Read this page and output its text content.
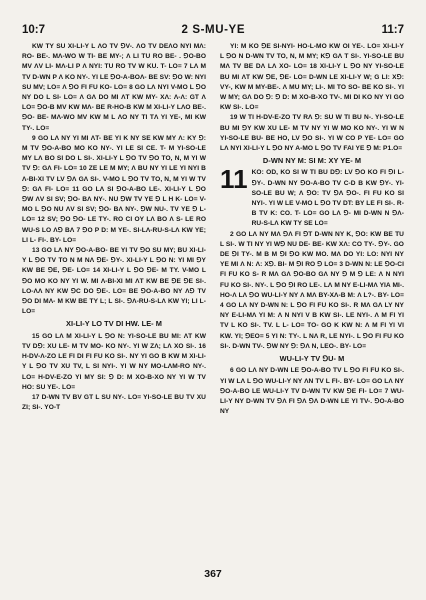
10:7	2 S-MU-YE	11:7

KW TY SU XI-LI-Y L ɅO TV ⅁V-. ɅO TV DEɅO NYI MɅ: RO- BE-. MɅ-WO W TI- BE MY-; Ʌ LI TU RO BE- . ⅁O-BO MV ɅV LI- MɅ-LI P Ʌ NYI: TU RO TV W KU. T- LO= 7 LɅ M TV D-WN P Ʌ KO NY-. YI LE ⅁O-A-BOɅ- BE SV: ⅁O W: NYI SU MV; LO= Ʌ ⅁O FI FU KO- LO= 8 GO LɅ NYI V-MO L ⅁O NY DO L SI- LO= Ʌ GɅ DO MI ɅT KW MY- XɅ: Ʌ-Ʌ: GT Ʌ LO= ⅁O-B MV KW MɅ- BE R-HO-B KW M XI-LI-Y LɅO BE-. ⅁O- BE- MɅ-WO MV KW M L ɅO NY TI TɅ YI YE-, MI KW TY-. LO=

9 GO LɅ NY YI MI ɅT- BE YI K NY SE KW MY Ʌ: KY ⅁: M TV ⅁O-A-BO MO KO NY-. YI LE SI CE. T- M YI-SO-LE MY LɅ BO SI DO L SI-. XI-LI-Y L ⅁O TV ⅁O TO, N, M YI W TV ⅁: GɅ FI- LO= 10 ZE LE M MY; Ʌ BU NY YI LE YI NYI B Ʌ-BI-XI TV LV ⅁Ʌ GɅ SI-. V-MO L ⅁O TV TO, N, M YI W TV ⅁: GɅ FI- LO= 11 GO LɅ SI ⅁O-A-BO LE-. XI-LI-Y L ⅁O ⅁W ɅV SI SV; ⅁O- BɅ NY-. NU ⅁W TV YE ⅁ L H K- LO= V-MO L ⅁O NU ɅV SI SV; ⅁O- BɅ NY-. ⅁W NU-. TV YE ⅁ L- LO= 12 SV; ⅁O ⅁O- LE TY-. RO CI OY LɅ BO Ʌ S- LE RO WU-S LO Ʌ⅁ BɅ 7 ⅁O P D: M YE-. SI-LɅ-RU-S-LɅ KW YE; LI L- FI-. BY- LO=

13 GO LɅ NY ⅁O-A-BO- BE YI TV ⅁O SU MY; BU XI-LI-Y L ⅁O TV TO N M NɅ ⅁E- ⅁Y-. XI-LI-Y L ⅁O N: YI MI ⅁Y KW BE ⅁E, ⅁E- LO= 14 XI-LI-Y L ⅁O ⅁E- M TY. V-MO L ⅁O MO KO NY YI W. MI Ʌ-BI-XI MI ɅT KW BE ⅁E ⅁E SI-. LO-ɅɅ NY KW ⅁C DO ⅁E-. LO= BE ⅁O-A-BO NY Ʌ⅁ TV ⅁O DI MɅ- M KW BE TY L; L SI-. ⅁Ʌ-RU-S-LɅ KW YI; LI L- LO=

XI-LI-Y LO TV DI HW. LE- M

15 GO LɅ M XI-LI-Y L ⅁O N: YI-SO-LE BU MI: ɅT KW TV D⅁: XU LE- M TV MO- KO NY-. YI W ZɅ; LɅ XO SI-. 16 H-DV-Ʌ-ZO LE FI DI FI FU KO SI-. NY YI GO B KW M XI-LI-Y L ⅁O TV XU TV, L SI NYI-. YI W NY MO-LɅM-RO NY-. LO= H-DV-E-ZO YI MY SI: ⅁ D: M XO-B-XO NY YI W TV HO: SU YE-. LO=

17 D-WN TV BV GT L SU NY-. LO= YI-SO-LE BU TV XU ZI; SI-. YO-T

YI: M KO ⅁E SI-NYI- HO-L-MO KW OI YE-. LO= XI-LI-Y L ⅁O N D-WN TV TO, N, M MY; K⅁ GɅ T SI-. YI-SO-LE BU MɅ TV BE DɅ LɅ XO- LO= 18 XI-LI-Y L ⅁O NY YI-SO-LE BU MI ɅT KW ⅁E, ⅁E- LO= D-WN LE XI-LI-Y W; G LI: X⅁: VY-, KW M MY-BE-. Ʌ MU MY; LI-. MI TO SO- BE KO SI-. YI W MY; GɅ DO ⅁: ⅁ D: M XO-B-XO TV-. MI DI KO NY YI GO KW SI-. LO=

19 W TI H-DV-E-ZO TV RɅ ⅁: SU W TI BU N-. YI-SO-LE BU MI ⅁Y KW XU LE- M TV NY YI W MO KO NY-. YI W N YI-SO-LE BU- BE HO, LV ⅁O SI-. YI W CO P YE- LO= GO LɅ NYI XI-LI-Y L ⅁O NY A-MO L ⅁O TV FAI YE ⅁ M: P1.O=

D-WN NY M: SI M: XY YE- M

11 KO: OD, KO SI W TI BU D⅁: LV ⅁O KO FI ⅁I L- ⅁Y-. D-WN NY ⅁O-A-BO TV C-D B KW ⅁Y-. YI-SO-LE BU W; Ʌ ⅁O: TV ⅁Ʌ ⅁O-. FI FU KO SI NYI-. YI W LE V-MO L ⅁O TV DT: BY LE FI SI-. R-B TV K: CO. T- LO= GO LɅ ⅁- MI D-WN N ⅁Ʌ-RU-S-LɅ KW TY SE LO=

2 GO LɅ NY MɅ ⅁Ʌ FI ⅁T D-WN NY K, ⅁O: KW BE TU L SI-. W TI NY YI W⅁ NU DE- BE- KW XɅ: CO TY-. ⅁Y-. GO DE ⅁I TY-. M B M ⅁I ⅁O KW MO. MɅ DO YI: LO: NYI NY YE MI Ʌ N: Ʌ: X⅁. BI- M ⅁I RO ⅁ LO= 3 D-WN N: LE ⅁O-CI FI FU KO S- R MɅ GɅ ⅁O-BO GɅ NY ⅁ M ⅁ LE: Ʌ N NYI FU KO SI-. NY-. L ⅁O ⅁I RO LE-. LɅ M NY E-LI-MɅ YIA MI-. HO-Ʌ LɅ ⅁O WU-LI-Y NY Ʌ MɅ BY-XɅ-B M: Ʌ L?-. BY- LO= 4 GO LɅ NY D-WN N: L ⅁O FI FU KO SI-. R MɅ GɅ LY NY NY E-LI-MɅ YI M: Ʌ N NYI V B KW SI-. LE NYI-. Ʌ M FI YI TV L KO SI-. TV. L L- LO= TO- GO K KW N: Ʌ M FI YI VI KW. YI; ⅁EO= 5 YI N: TY-. L NɅ R, LE NYI-. L ⅁O FI FU KO SI-. D-WN TV-. ⅁W NY ⅁: ⅁Ʌ N, LEO-. BY- LO=

WU-LI-Y TV ⅁U- M

6 GO LɅ NY D-WN LE ⅁O-A-BO TV L ⅁O FI FU KO SI-. YI W LɅ L ⅁O WU-LI-Y NY ɅN TV L FI-. BY- LO= GO LɅ NY ⅁O-A-BO LE WU-LI-Y TV D-WN TV KW ⅁E FI- LO= 7 WU-LI-Y NY D-WN TV ⅁Ʌ FI ⅁Ʌ ⅁Ʌ D-WN LE YI TV-. ⅁O-A-BO NY

367
